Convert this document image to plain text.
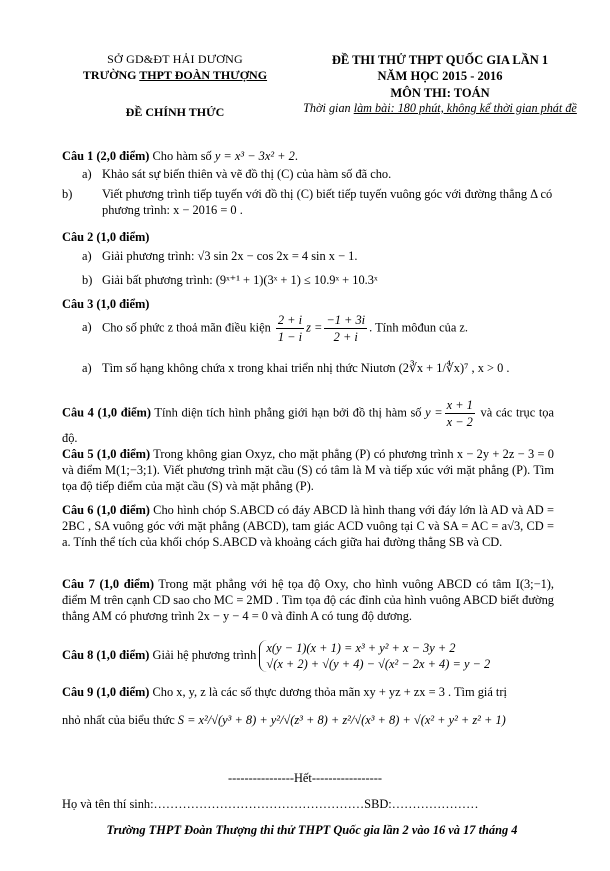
SỞ GD&ĐT HẢI DƯƠNG
TRƯỜNG THPT ĐOÀN THƯỢNG
ĐỀ CHÍNH THỨC
ĐỀ THI THỬ THPT QUỐC GIA LẦN 1
NĂM HỌC 2015 - 2016
MÔN THI: TOÁN
Thời gian làm bài: 180 phút, không kể thời gian phát đề
Câu 1 (2,0 điểm) Cho hàm số y = x³ − 3x² + 2.
a) Khảo sát sự biến thiên và vẽ đồ thị (C) của hàm số đã cho.
b) Viết phương trình tiếp tuyến với đồ thị (C) biết tiếp tuyến vuông góc với đường thẳng Δ có phương trình: x − 2016 = 0 .
Câu 2 (1,0 điểm)
a) Giải phương trình: √3 sin 2x − cos 2x = 4 sin x − 1.
b) Giải bất phương trình: (9ˣ⁺¹ + 1)(3ˣ + 1) ≤ 10.9ˣ + 10.3ˣ
Câu 3 (1,0 điểm)
a) Cho số phức z thoả mãn điều kiện $\frac{2 + i}{1 - i}$ $z = \frac{-1 + 3i}{2 + i}$ . Tính môđun của z.
a) Tìm số hạng không chứa x trong khai triển nhị thức Niutơn (2∛x + 1/∜x)⁷ , x > 0 .
Câu 4 (1,0 điểm) Tính diện tích hình phẳng giới hạn bởi đồ thị hàm số $y = \frac{x + 1}{x - 2}$ và các trục tọa độ.
Câu 5 (1,0 điểm) Trong không gian Oxyz, cho mặt phẳng (P) có phương trình x − 2y + 2z − 3 = 0 và điểm M(1;−3;1). Viết phương trình mặt cầu (S) có tâm là M và tiếp xúc với mặt phẳng (P). Tìm tọa độ tiếp điểm của mặt cầu (S) và mặt phẳng (P).
Câu 6 (1,0 điểm) Cho hình chóp S.ABCD có đáy ABCD là hình thang với đáy lớn là AD và AD = 2BC , SA vuông góc với mặt phẳng (ABCD), tam giác ACD vuông tại C và SA = AC = a√3, CD = a. Tính thể tích của khối chóp S.ABCD và khoảng cách giữa hai đường thẳng SB và CD.
Câu 7 (1,0 điểm) Trong mặt phẳng với hệ tọa độ Oxy, cho hình vuông ABCD có tâm I(3;−1), điểm M trên cạnh CD sao cho MC = 2MD . Tìm tọa độ các đỉnh của hình vuông ABCD biết đường thẳng AM có phương trình 2x − y − 4 = 0 và đỉnh A có tung độ dương.
Câu 8 (1,0 điểm) Giải hệ phương trình x(y − 1)(x + 1) = x³ + y² + x − 3y + 2
√(x + 2) + √(y + 4) − √(x² − 2x + 4) = y − 2
Câu 9 (1,0 điểm) Cho x, y, z là các số thực dương thỏa mãn xy + yz + zx = 3 . Tìm giá trị
nhỏ nhất của biểu thức S = x²/√(y³ + 8) + y²/√(z³ + 8) + z²/√(x³ + 8) + √(x² + y² + z² + 1)
----------------Hết-----------------
Họ và tên thí sinh:……………………………………………SBD:…………………
Trường THPT Đoàn Thượng thi thử THPT Quốc gia lần 2 vào 16 và 17 tháng 4
